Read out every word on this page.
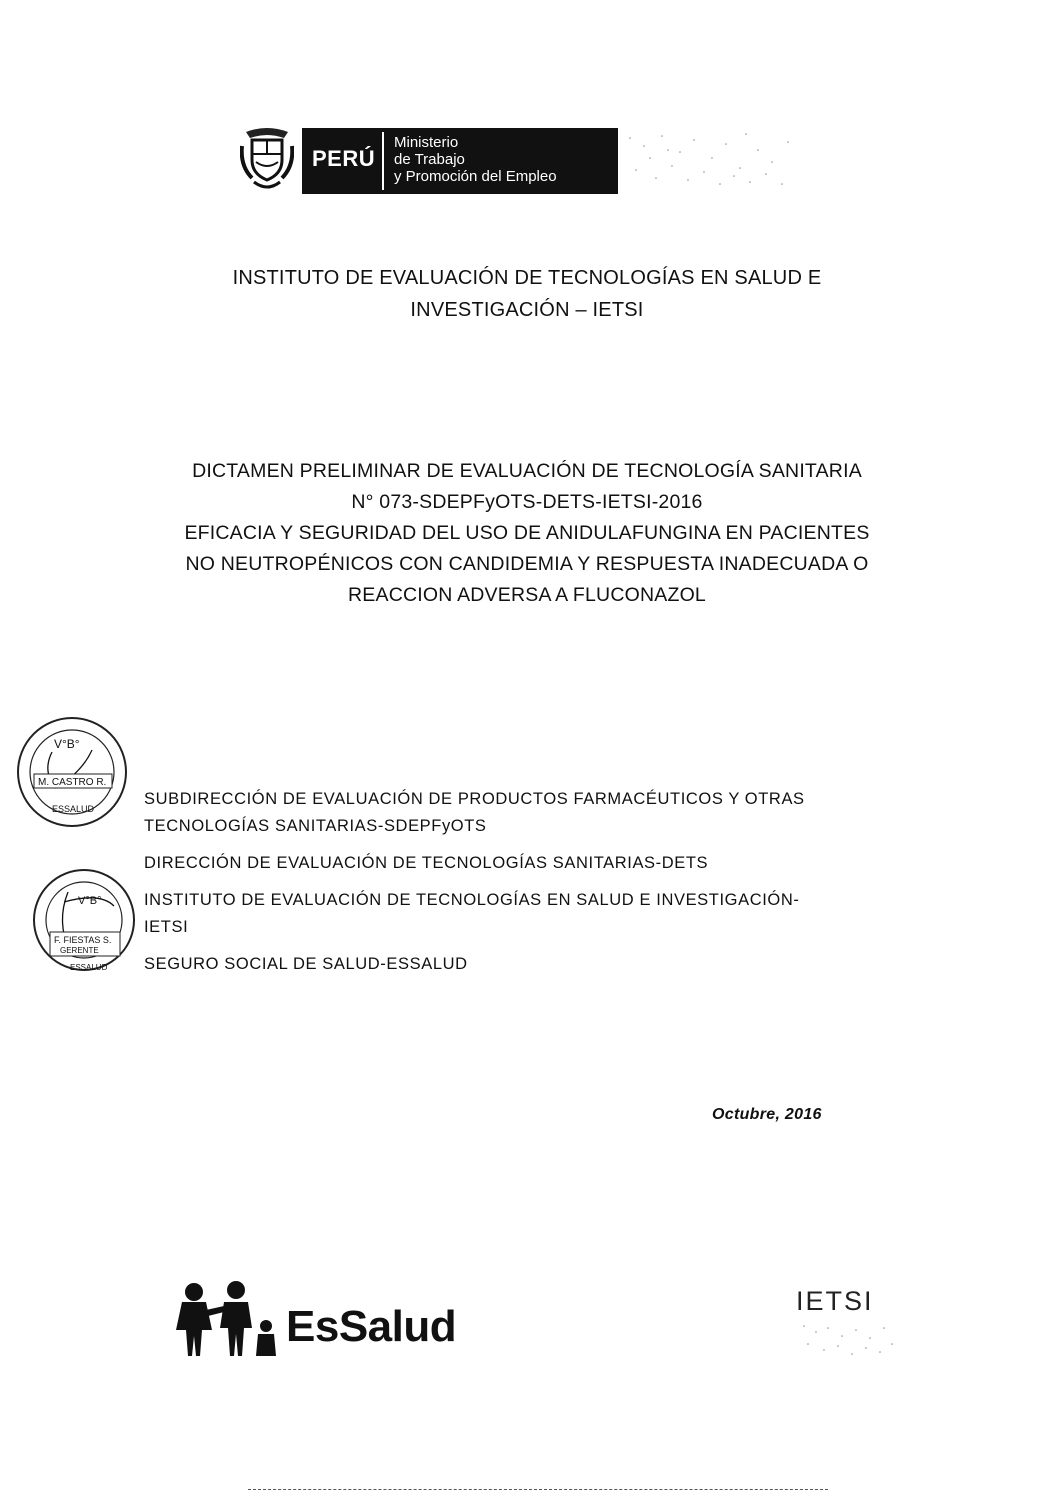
PERÚ
Ministerio
de Trabajo
y Promoción del Empleo
INSTITUTO DE EVALUACIÓN DE TECNOLOGÍAS EN SALUD E
INVESTIGACIÓN – IETSI
DICTAMEN PRELIMINAR DE EVALUACIÓN DE TECNOLOGÍA SANITARIA
N° 073-SDEPFyOTS-DETS-IETSI-2016
EFICACIA Y SEGURIDAD DEL USO DE ANIDULAFUNGINA EN PACIENTES
NO NEUTROPÉNICOS CON CANDIDEMIA Y RESPUESTA INADECUADA O
REACCION ADVERSA A FLUCONAZOL
V°B°
M. CASTRO R.
ESSALUD
V°B°
F. FIESTAS S.
GERENTE
ESSALUD
SUBDIRECCIÓN DE EVALUACIÓN DE PRODUCTOS FARMACÉUTICOS Y OTRAS
TECNOLOGÍAS SANITARIAS-SDEPFyOTS
DIRECCIÓN DE EVALUACIÓN DE TECNOLOGÍAS SANITARIAS-DETS
INSTITUTO DE EVALUACIÓN DE TECNOLOGÍAS EN SALUD E INVESTIGACIÓN-
IETSI
SEGURO SOCIAL DE SALUD-ESSALUD
Octubre, 2016
EsSalud
IETSI
